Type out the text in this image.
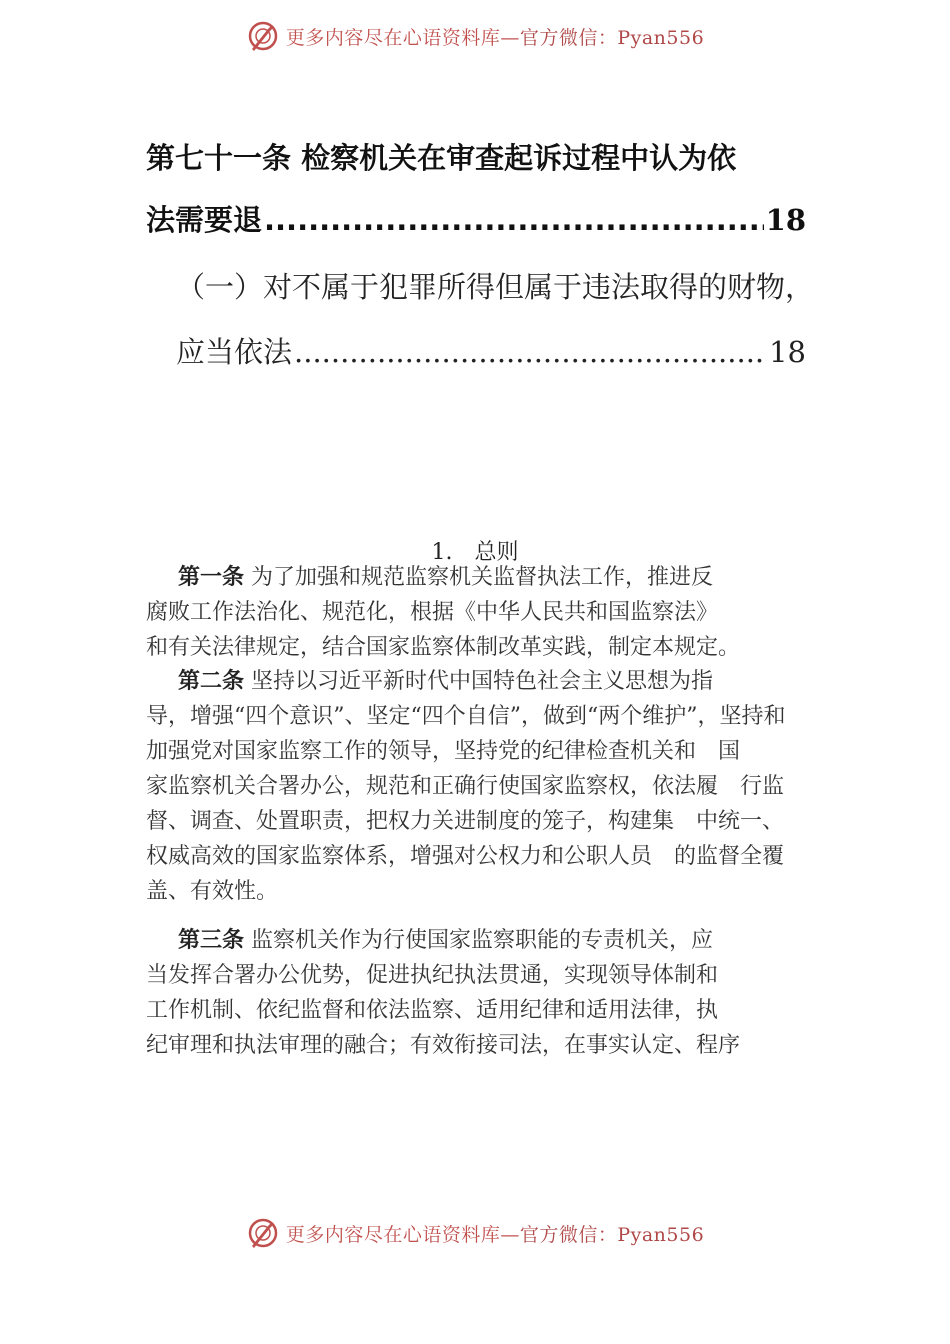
更多内容尽在心语资料库—官方微信：Pyan556
第七十一条 检察机关在审查起诉过程中认为依
法需要退 .....	18
（一）对不属于犯罪所得但属于违法取得的财物，
应当依法 .....	18
1.　总则
第一条 为了加强和规范监察机关监督执法工作，推进反
腐败工作法治化、规范化，根据《中华人民共和国监察法》
和有关法律规定，结合国家监察体制改革实践，制定本规定。
第二条 坚持以习近平新时代中国特色社会主义思想为指
导，增强“四个意识”、坚定“四个自信”，做到“两个维护”，坚持和
加强党对国家监察工作的领导，坚持党的纪律检查机关和　国
家监察机关合署办公，规范和正确行使国家监察权，依法履　行监
督、调查、处置职责，把权力关进制度的笼子，构建集　中统一、
权威高效的国家监察体系，增强对公权力和公职人员　的监督全覆
盖、有效性。
第三条 监察机关作为行使国家监察职能的专责机关，应
当发挥合署办公优势，促进执纪执法贯通，实现领导体制和
工作机制、依纪监督和依法监察、适用纪律和适用法律，执
纪审理和执法审理的融合；有效衔接司法，在事实认定、程序
更多内容尽在心语资料库—官方微信：Pyan556
